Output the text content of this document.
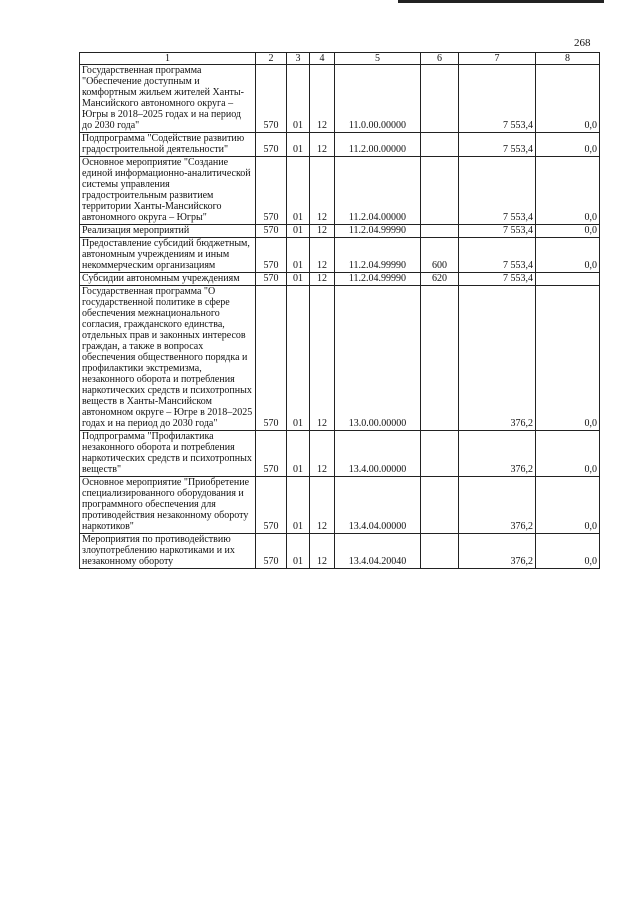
268
1	2	3	4	5	6	7	8
Государственная программа "Обеспечение доступным и комфортным жильем жителей Ханты-Мансийского автономного округа – Югры в 2018–2025 годах и на период до 2030 года"	570	01	12	11.0.00.00000		7 553,4	0,0
Подпрограмма "Содействие развитию градостроительной деятельности"	570	01	12	11.2.00.00000		7 553,4	0,0
Основное мероприятие "Создание единой информационно-аналитической системы управления градостроительным развитием территории Ханты-Мансийского автономного округа – Югры"	570	01	12	11.2.04.00000		7 553,4	0,0
Реализация мероприятий	570	01	12	11.2.04.99990		7 553,4	0,0
Предоставление субсидий бюджетным, автономным учреждениям и иным некоммерческим организациям	570	01	12	11.2.04.99990	600	7 553,4	0,0
Субсидии автономным учреждениям	570	01	12	11.2.04.99990	620	7 553,4	
Государственная программа "О государственной политике в сфере обеспечения межнационального согласия, гражданского единства, отдельных прав и законных интересов граждан, а также в вопросах обеспечения общественного порядка и профилактики экстремизма, незаконного оборота и потребления наркотических средств и психотропных веществ в Ханты-Мансийском автономном округе – Югре в 2018–2025 годах и на период до 2030 года"	570	01	12	13.0.00.00000		376,2	0,0
Подпрограмма "Профилактика незаконного оборота и потребления наркотических средств и психотропных веществ"	570	01	12	13.4.00.00000		376,2	0,0
Основное мероприятие "Приобретение специализированного оборудования и программного обеспечения для противодействия незаконному обороту наркотиков"	570	01	12	13.4.04.00000		376,2	0,0
Мероприятия по противодействию злоупотреблению наркотиками и их незаконному обороту	570	01	12	13.4.04.20040		376,2	0,0
